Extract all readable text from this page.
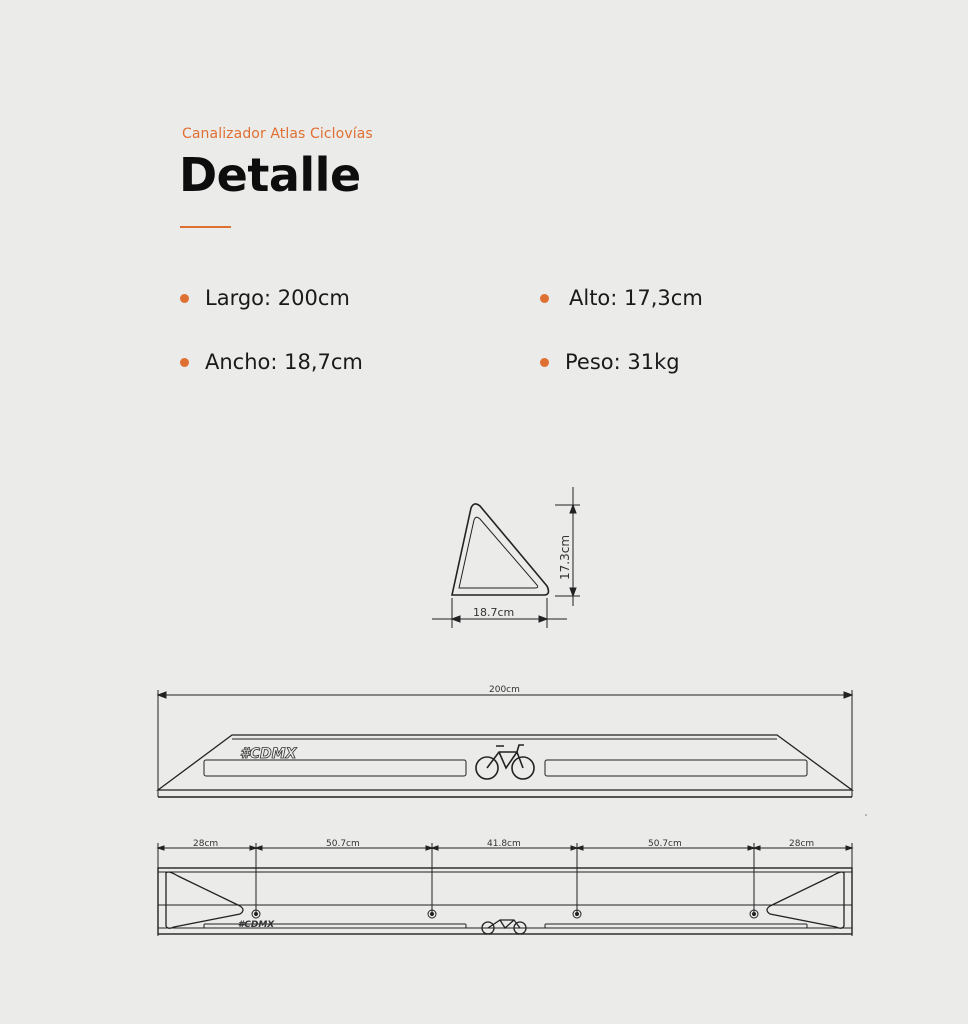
Canalizador Atlas Ciclovías
Detalle
Largo: 200cm	Alto: 17,3cm
Ancho: 18,7cm	Peso: 31kg
17.3cm
18.7cm
200cm
#CDMX
28cm	50.7cm	41.8cm	50.7cm	28cm
#CDMX
